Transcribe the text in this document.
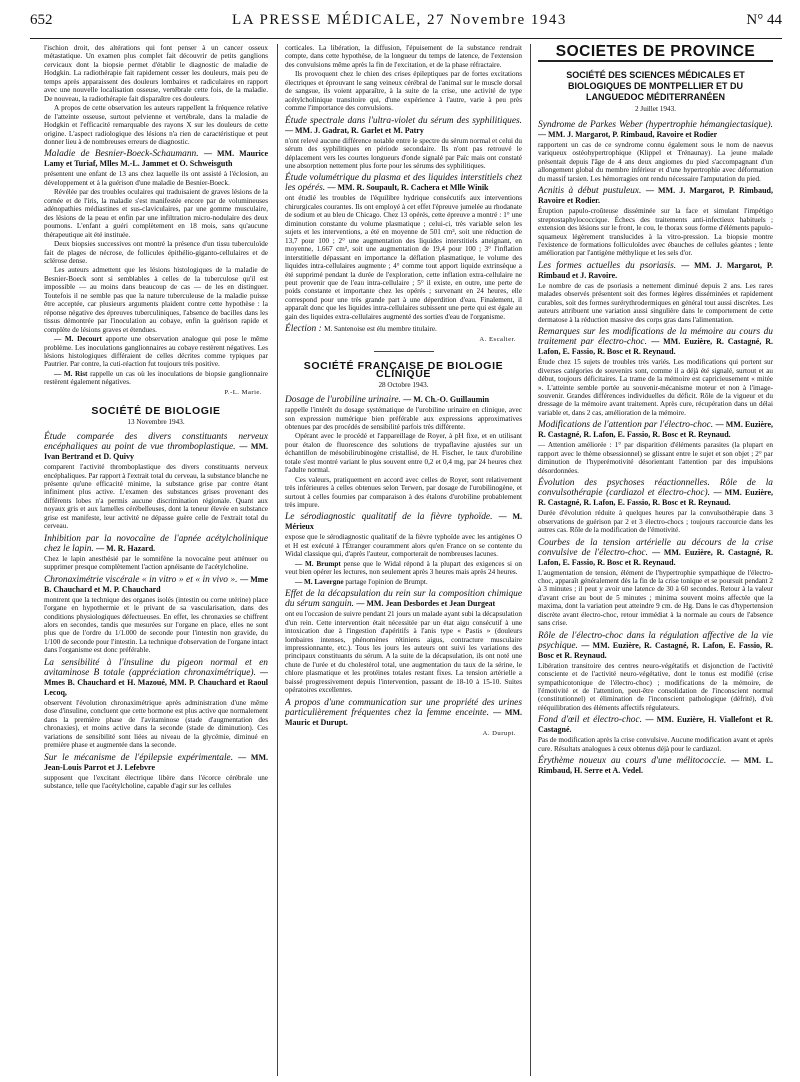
652	LA PRESSE MÉDICALE, 27 Novembre 1943	N° 44

l'ischion droit, des altérations qui font penser à un cancer osseux métastatique. Un examen plus complet fait découvrir de petits ganglions cervicaux dont la biopsie permet d'établir le diagnostic de maladie de Hodgkin. La radiothérapie fait rapidement cesser les douleurs, mais peu de temps après apparaissent des douleurs lombaires et radiculaires en rapport avec une nouvelle localisation osseuse, vertébrale cette fois, de la maladie. De nouveau, la radiothérapie fait disparaître ces douleurs.

A propos de cette observation les auteurs rappellent la fréquence relative de l'atteinte osseuse, surtout pelvienne et vertébrale, dans la maladie de Hodgkin et l'efficacité remarquable des rayons X sur les douleurs de cette origine. L'aspect radiologique des lésions n'a rien de caractéristique et peut donner lieu à de nombreuses erreurs de diagnostic.

Maladie de Besnier-Boeck-Schaumann. — MM. Maurice Lamy et Turiaf, Mlles M.-L. Jammet et O. Schweisguth

présentent une enfant de 13 ans chez laquelle ils ont assisté à l'éclosion, au développement et à la guérison d'une maladie de Besnier-Boeck.

Révélée par des troubles oculaires qui traduisaient de graves lésions de la cornée et de l'iris, la maladie s'est manifestée encore par de volumineuses adénopathies médiastines et sus-claviculaires, par une gomme musculaire, des lésions de la peau et enfin par une infiltration micro-nodulaire des deux poumons. L'enfant a guéri complètement en 18 mois, sans qu'aucune thérapeutique ait été instituée.

Deux biopsies successives ont montré la présence d'un tissu tuberculoïde fait de plages de nécrose, de follicules épithélio-giganto-cellulaires et de sclérose dense.

Les auteurs admettent que les lésions histologiques de la maladie de Besnier-Boeck sont si semblables à celles de la tuberculose qu'il est impossible — au moins dans beaucoup de cas — de les en distinguer. Toutefois il ne semble pas que la nature tuberculeuse de la maladie puisse être acceptée, car plusieurs arguments plaident contre cette hypothèse : la réponse négative des épreuves tuberculiniques, l'absence de bacilles dans les tissus démontrée par l'inoculation au cobaye, enfin la guérison rapide et complète de lésions graves et étendues.

— M. Decourt apporte une observation analogue qui pose le même problème. Les inoculations ganglionnaires au cobaye restèrent négatives. Les lésions histologiques différaient de celles décrites comme typiques par Pautrier. Par contre, la cuti-réaction fut toujours très positive.

— M. Rist rappelle un cas où les inoculations de biopsie ganglionnaire restèrent également négatives.

P.-L. Marie.
SOCIÉTÉ DE BIOLOGIE
13 Novembre 1943.

Étude comparée des divers constituants nerveux encéphaliques au point de vue thromboplastique. — MM. Ivan Bertrand et D. Quivy

comparent l'activité thromboplastique des divers constituants nerveux encéphaliques. Par rapport à l'extrait total du cerveau, la substance blanche ne présente qu'une efficacité minime, la substance grise par contre étant infiniment plus active. L'examen des substances grises provenant des différents lobes n'a permis aucune discrimination régionale. Quant aux noyaux gris et aux lamelles cérébelleuses, dont la teneur élevée en substance grise est manifeste, leur activité ne dépasse guère celle de l'extrait total du cerveau.

Inhibition par la novocaïne de l'apnée acétylcholinique chez le lapin. — M. R. Hazard.

Chez le lapin anesthésié par le somnifène la novocaïne peut atténuer ou supprimer presque complètement l'action apnéisante de l'acétylcholine.

Chronaximétrie viscérale « in vitro » et « in vivo ». — Mme B. Chauchard et M. P. Chauchard

montrent que la technique des organes isolés (intestin ou corne utérine) place l'organe en hypothermie et le privant de sa vascularisation, dans des conditions physiologiques défectueuses. En effet, les chronaxies se chiffrent alors en secondes, tandis que mesurées sur l'organe en place, elles ne sont plus que de l'ordre du 1/1.000 de seconde pour l'intestin non gravide, du 1/100 de seconde pour l'intestin. La technique d'observation de l'organe intact dans l'organisme est donc préférable.

La sensibilité à l'insuline du pigeon normal et en avitaminose B totale (appréciation chronaximétrique). — Mmes B. Chauchard et H. Mazoué, MM. P. Chauchard et Raoul Lecoq,

observent l'évolution chronaximétrique après administration d'une même dose d'insuline, concluent que cette hormone est plus active que normalement dans la première phase de l'avitaminose (stade d'augmentation des chronaxies), et moins active dans la seconde (stade de diminution). Ces variations de sensibilité sont liées au niveau de la glycémie, diminué en première phase et augmentée dans la seconde.

Sur le mécanisme de l'épilepsie expérimentale. — MM. Jean-Louis Parrot et J. Lefebvre

supposent que l'excitant électrique libère dans l'écorce cérébrale une substance, telle que l'acétylcholine, capable d'agir sur les cellules

corticales. La libération, la diffusion, l'épuisement de la substance rendrait compte, dans cette hypothèse, de la longueur du temps de latence, de l'extension des convulsions même après la fin de l'excitation, et de la phase réfractaire.

Ils provoquent chez le chien des crises épileptiques par de fortes excitations électriques et éprouvant le sang veineux cérébral de l'animal sur le muscle dorsal de sangsue, ils voient apparaître, à la suite de la crise, une activité de type acétylcholinique transitoire qui, d'une expérience à l'autre, varie à peu près comme l'importance des convulsions.

Étude spectrale dans l'ultra-violet du sérum des syphilitiques. — MM. J. Gadrat, R. Garlet et M. Patry

n'ont relevé aucune différence notable entre le spectre du sérum normal et celui du sérum des syphilitiques en période secondaire. Ils n'ont pas retrouvé le déplacement vers les courtes longueurs d'onde signalé par Païc mais ont constaté une absorption nettement plus forte pour les sérums des syphilitiques.

Étude volumétrique du plasma et des liquides interstitiels chez les opérés. — MM. R. Soupault, R. Cachera et Mlle Winik

ont étudié les troubles de l'équilibre hydrique consécutifs aux interventions chirurgicales courantes. Ils ont employé à cet effet l'épreuve jumelée au rhodanate de sodium et au bleu de Chicago. Chez 13 opérés, cette épreuve a montré : 1° une diminution constante du volume plasmatique ; celui-ci, très variable selon les sujets et les interventions, a été en moyenne de 501 cm³, soit une réduction de 13,7 pour 100 ; 2° une augmentation des liquides interstitiels atteignant, en moyenne, 1.667 cm³, soit une augmentation de 19,4 pour 100 ; 3° l'inflation interstitielle dépassant en importance la déflation plasmatique, le volume des liquides intra-cellulaires augmente ; 4° comme tout apport liquide extrinsèque a été supprimé pendant la durée de l'exploration, cette inflation extra-cellulaire ne peut provenir que de l'eau intra-cellulaire ; 5° il existe, en outre, une perte de poids constante et importante chez les opérés ; survenant en 24 heures, elle correspond pour une très grande part à une déperdition d'eau. Finalement, il apparaît donc que les liquides intra-cellulaires subissent une perte qui est égale au gain des liquides extra-cellulaires augmenté des sorties d'eau de l'organisme.

Élection : M. Santenoise est élu membre titulaire.

A. Escalier.
SOCIÉTÉ FRANÇAISE DE BIOLOGIE CLINIQUE
28 Octobre 1943.

Dosage de l'urobiline urinaire. — M. Ch.-O. Guillaumin

rappelle l'intérêt du dosage systématique de l'urobiline urinaire en clinique, avec son expression numérique bien préférable aux expressions approximatives obtenues par des procédés de sensibilité parfois très différente.

Opérant avec le procédé et l'appareillage de Royer, à pH fixe, et en utilisant pour étalon de fluorescence des solutions de trypaflavine ajustées sur un échantillon de mésobilirubinogène cristallisé, de H. Fischer, le taux d'urobiline totale s'est montré variant le plus souvent entre 0,2 et 0,4 mg, par 24 heures chez l'adulte normal.

Ces valeurs, pratiquement en accord avec celles de Royer, sont relativement très inférieures à celles obtenues selon Terwen, par dosage de l'urobilinogène, et surtout à celles fournies par comparaison à des étalons d'urobiline probablement très impure.

Le sérodiagnostic qualitatif de la fièvre typhoïde. — M. Mérieux

expose que le sérodiagnostic qualitatif de la fièvre typhoïde avec les antigènes O et H est exécuté à l'Étranger couramment alors qu'en France on se contente du Widal classique qui, d'après l'auteur, comporterait de nombreuses lacunes.

— M. Brumpt pense que le Widal répond à la plupart des exigences si on veut bien opérer les lectures, non seulement après 3 heures mais après 24 heures.

— M. Lavergne partage l'opinion de Brumpt.

Effet de la décapsulation du rein sur la composition chimique du sérum sanguin. — MM. Jean Desbordes et Jean Durgeat

ont eu l'occasion de suivre pendant 21 jours un malade ayant subi la décapsulation d'un rein. Cette intervention était nécessitée par un état aigu consécutif à une intoxication due à l'ingestion d'apéritifs à l'anis type « Pastis » (douleurs lombaires intenses, phénomènes rétiniens aigus, contracture musculaire impressionnante, etc.). Tous les jours les auteurs ont suivi les variations des principaux constituants du sérum. A la suite de la décapsulation, ils ont noté une chute de l'urée et du cholestérol total, une augmentation du taux de la sérine, le chlore plasmatique et les protéines totales restant fixes. La tension artérielle a baissé progressivement depuis l'intervention, passant de 18-10 à 15-10. Suites opératoires excellentes.

A propos d'une communication sur une propriété des urines particulièrement fréquentes chez la femme enceinte. — MM. Mauric et Durupt.

A. Durupt.
SOCIÉTÉS DE PROVINCE
SOCIÉTÉ DES SCIENCES MÉDICALES ET BIOLOGIQUES DE MONTPELLIER ET DU LANGUEDOC MÉDITERRANÉEN
2 Juillet 1943.

Syndrome de Parkes Weber (hypertrophie hémangiectasique). — MM. J. Margarot, P. Rimbaud, Ravoire et Rodier

rapportent un cas de ce syndrome connu également sous le nom de naevus variqueux ostéohypertrophique (Klippel et Trénaunay). La jeune malade présentait depuis l'âge de 4 ans deux angiomes du pied s'accompagnant d'un allongement global du membre inférieur et d'une hypertrophie avec déformation du massif tarsien. Les hémorragies ont rendu nécessaire l'amputation du pied.

Acnitis à début pustuleux. — MM. J. Margarot, P. Rimbaud, Ravoire et Rodier.

Éruption papulo-croûteuse disséminée sur la face et simulant l'impétigo streptostaphylococcique. Échecs des traitements anti-infectieux habituels ; extension des lésions sur le front, le cou, le thorax sous forme d'éléments papulo-squameux légèrement translucides à la vitro-pression. La biopsie montre l'existence de formations folliculoïdes avec ébauches de cellules géantes ; lente amélioration par l'antigène méthylique et les sels d'or.

Les formes actuelles du psoriasis. — MM. J. Margarot, P. Rimbaud et J. Ravoire.

Le nombre de cas de psoriasis a nettement diminué depuis 2 ans. Les rares malades observés présentent soit des formes légères disséminées et rapidement curables, soit des formes surérythrodermiques en général tout aussi discrètes. Les auteurs attribuent une variation aussi singulière dans le comportement de cette dermatose à la réduction massive des corps gras dans l'alimentation.

Remarques sur les modifications de la mémoire au cours du traitement par électro-choc. — MM. Euzière, R. Castagné, R. Lafon, E. Fassio, R. Bosc et R. Reynaud.

Étude chez 15 sujets de troubles très variés. Les modifications qui portent sur diverses catégories de souvenirs sont, comme il a déjà été signalé, surtout et au début, toujours déficitaires. La trame de la mémoire est capricieusement « mitée ». L'atteinte semble portée au souvenir-mécanisme moteur et non à l'image-souvenir. Grandes différences individuelles du déficit. Rôle de la vigueur et du dressage de la mémoire avant traitement. Après cure, récupération dans un délai variable et, dans 2 cas, amélioration de la mémoire.

Modifications de l'attention par l'électro-choc. — MM. Euzière, R. Castagné, R. Lafon, E. Fassio, R. Bosc et R. Reynaud.

— Attention améliorée : 1° par disparition d'éléments parasites (la plupart en rapport avec le thème obsessionnel) se glissant entre le sujet et son objet ; 2° par diminution de l'hyperémotivité désorientant l'attention par des impulsions désordonnées.

Évolution des psychoses réactionnelles. Rôle de la convulsothérapie (cardiazol et électro-choc). — MM. Euzière, R. Castagné, R. Lafon, E. Fassio, R. Bosc et R. Reynaud.

Durée d'évolution réduite à quelques heures par la convulsothérapie dans 3 observations de guérison par 2 et 3 électro-chocs ; toujours raccourcie dans les autres cas. Rôle de la modification de l'émotivité.

Courbes de la tension artérielle au décours de la crise convulsive de l'électro-choc. — MM. Euzière, R. Castagné, R. Lafon, E. Fassio, R. Bosc et R. Reynaud.

L'augmentation de tension, élément de l'hypertrophie sympathique de l'électro-choc, apparaît généralement dès la fin de la crise tonique et se poursuit pendant 2 à 3 minutes ; il peut y avoir une latence de 30 à 60 secondes. Retour à la valeur d'avant crise au bout de 5 minutes ; minima souvent moins affectée que la maxima, dont la variation peut atteindre 9 cm. de Hg. Dans le cas d'hypertension discrète avant électro-choc, retour immédiat à la normale au cours de l'absence sans crise.

Rôle de l'électro-choc dans la régulation affective de la vie psychique. — MM. Euzière, R. Castagné, R. Lafon, E. Fassio, R. Bosc et R. Reynaud.

Libération transitoire des centres neuro-végétatifs et disjonction de l'activité consciente et de l'activité neuro-végétative, dont le tonus est modifié (crise sympathicotonique de l'électro-choc) ; modifications de la mémoire, de l'émotivité et de l'attention, peut-être consolidation de l'inconscient normal (constitutionnel) et élimination de l'inconscient pathologique (défrité), d'où rééquilibration des éléments affectifs régulateurs.

Fond d'œil et électro-choc. — MM. Euzière, H. Viallefont et R. Castagné.

Pas de modification après la crise convulsive. Aucune modification avant et après cure. Résultats analogues à ceux obtenus déjà pour le cardiazol.

Érythème noueux au cours d'une mélitococcie. — MM. L. Rimbaud, H. Serre et A. Vedel.
